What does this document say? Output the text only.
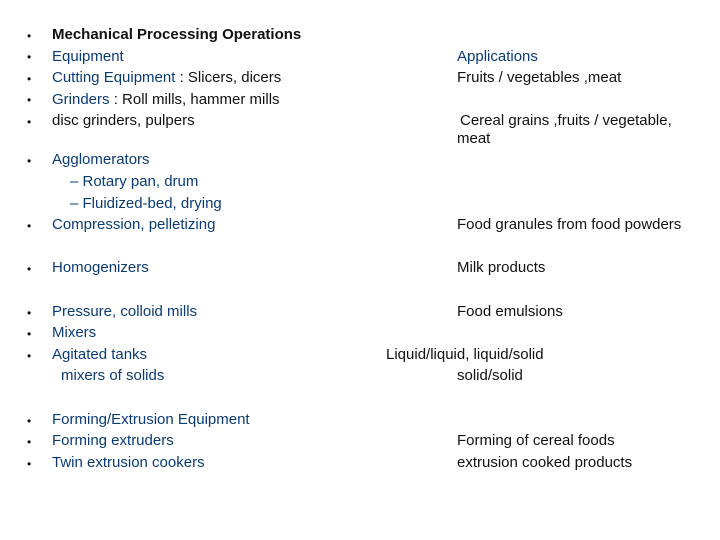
•
•
•
•
•
•
•
•
•
•
•
•
•
•
Mechanical Processing Operations
Equipment
Cutting Equipment : Slicers, dicers
Grinders : Roll mills, hammer mills
disc grinders, pulpers
Agglomerators
– Rotary pan, drum
– Fluidized-bed, drying
Compression, pelletizing
Homogenizers
Pressure, colloid mills
Mixers
Agitated tanks
mixers of solids
Forming/Extrusion Equipment
Forming extruders
Twin extrusion cookers
Applications
Fruits / vegetables ,meat
Cereal grains ,fruits / vegetable,
meat
Food granules from food powders
Milk products
Food emulsions
Liquid/liquid, liquid/solid
solid/solid
Forming of cereal foods
extrusion cooked products
